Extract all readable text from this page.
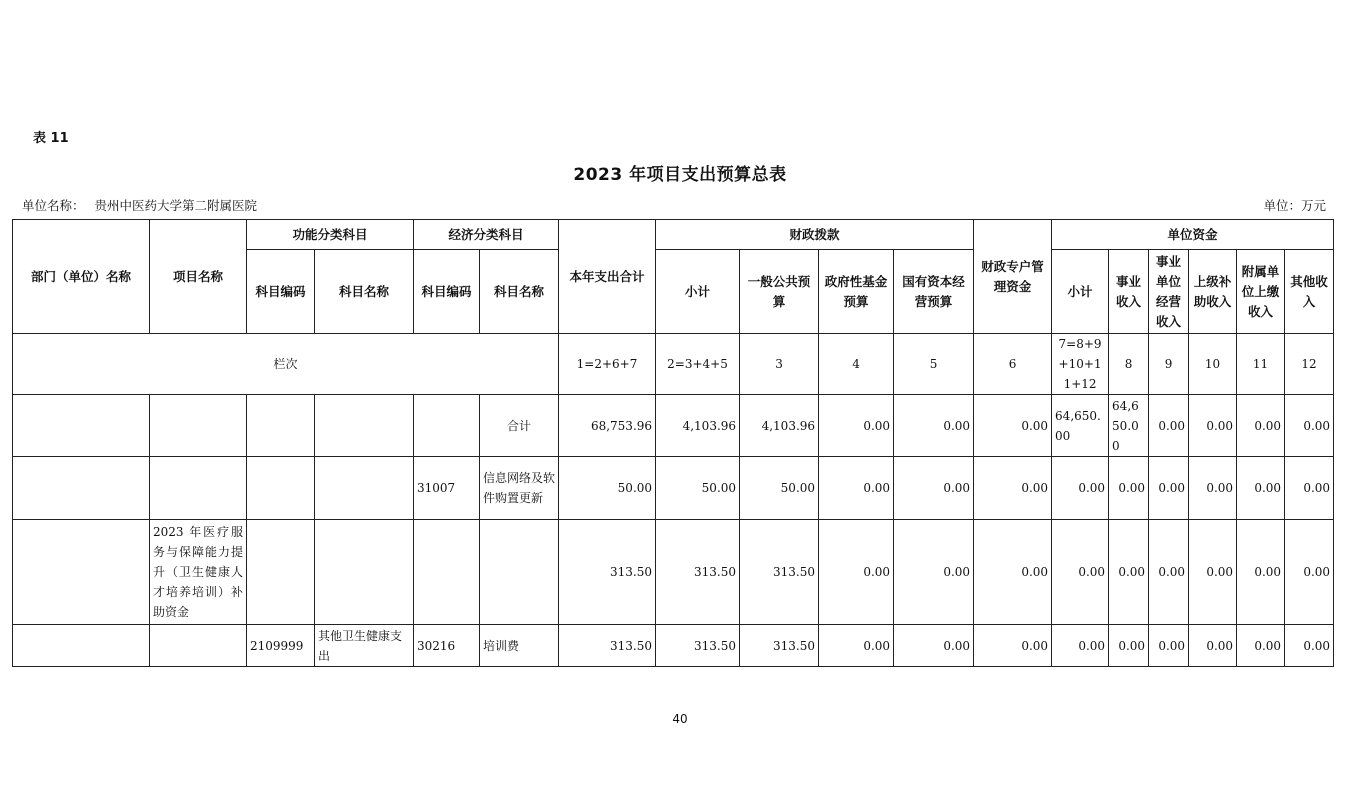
表 11
2023 年项目支出预算总表
单位名称： 贵州中医药大学第二附属医院	单位：万元
部门（单位）名称	项目名称	功能分类科目		经济分类科目		本年支出合计	财政拨款				财政专户管理资金	单位资金					
		科目编码	科目名称	科目编码	科目名称		小计	一般公共预算	政府性基金预算	国有资本经营预算		小计	事业收入	事业单位经营收入	上级补助收入	附属单位上缴收入	其他收入
栏次						1=2+6+7	2=3+4+5	3	4	5	6	7=8+9+10+11+12	8	9	10	11	12
					合计	68,753.96	4,103.96	4,103.96	0.00	0.00	0.00	64,650.00	64,650.00	0.00	0.00	0.00	0.00
				31007	信息网络及软件购置更新	50.00	50.00	50.00	0.00	0.00	0.00	0.00	0.00	0.00	0.00	0.00	0.00
	2023 年医疗服务与保障能力提升（卫生健康人才培养培训）补助资金					313.50	313.50	313.50	0.00	0.00	0.00	0.00	0.00	0.00	0.00	0.00	0.00
		2109999	其他卫生健康支出	30216	培训费	313.50	313.50	313.50	0.00	0.00	0.00	0.00	0.00	0.00	0.00	0.00	0.00
40
